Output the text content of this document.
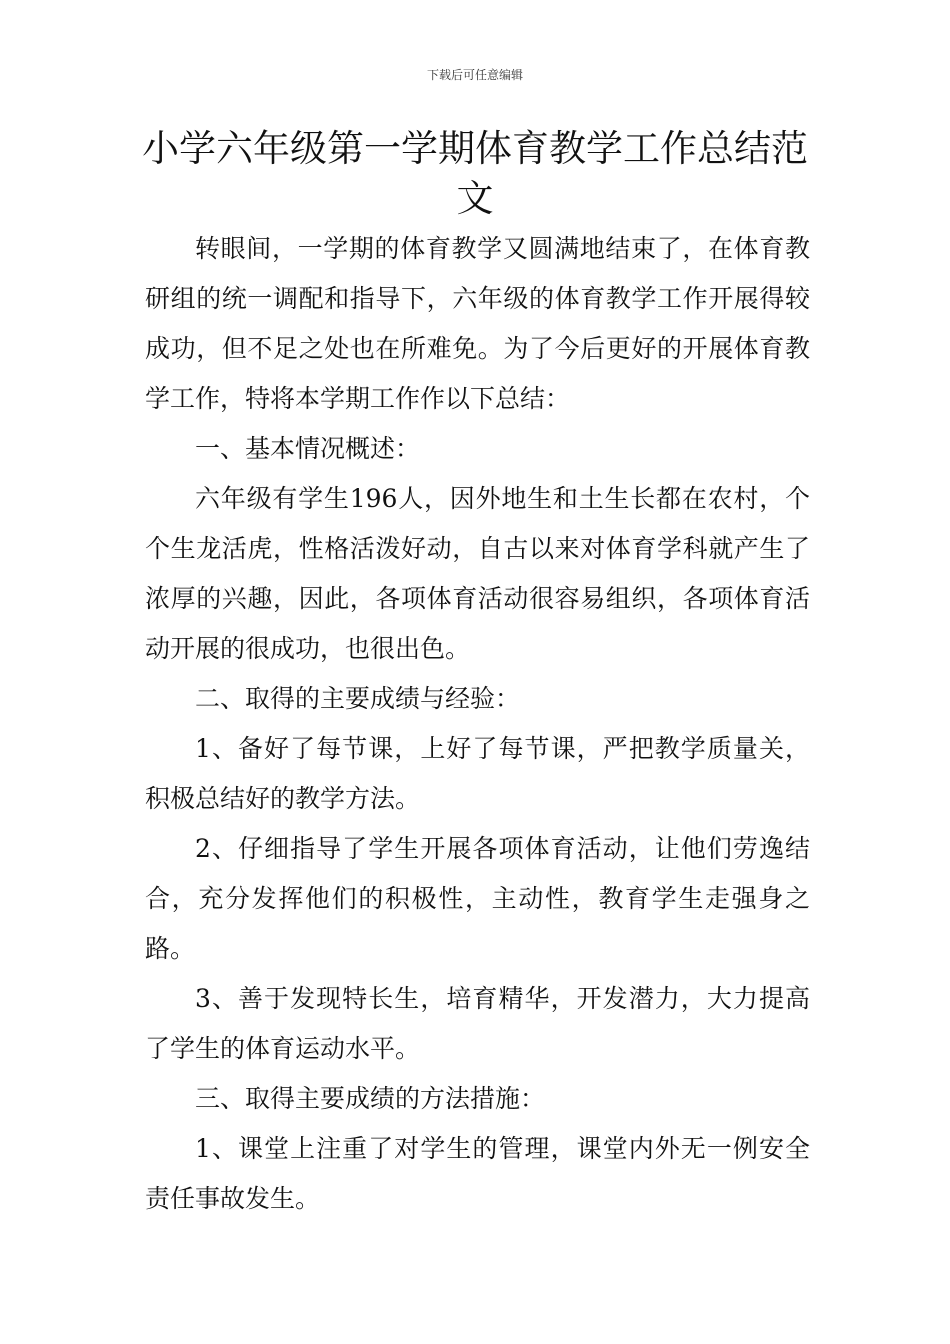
下载后可任意编辑
小学六年级第一学期体育教学工作总结范文

转眼间，一学期的体育教学又圆满地结束了，在体育教研组的统一调配和指导下，六年级的体育教学工作开展得较成功，但不足之处也在所难免。为了今后更好的开展体育教学工作，特将本学期工作作以下总结：

一、基本情况概述：

六年级有学生196人，因外地生和土生长都在农村，个个生龙活虎，性格活泼好动，自古以来对体育学科就产生了浓厚的兴趣，因此，各项体育活动很容易组织，各项体育活动开展的很成功，也很出色。

二、取得的主要成绩与经验：

1、备好了每节课，上好了每节课，严把教学质量关，积极总结好的教学方法。

2、仔细指导了学生开展各项体育活动，让他们劳逸结合，充分发挥他们的积极性，主动性，教育学生走强身之路。

3、善于发现特长生，培育精华，开发潜力，大力提高了学生的体育运动水平。

三、取得主要成绩的方法措施：

1、课堂上注重了对学生的管理，课堂内外无一例安全责任事故发生。
